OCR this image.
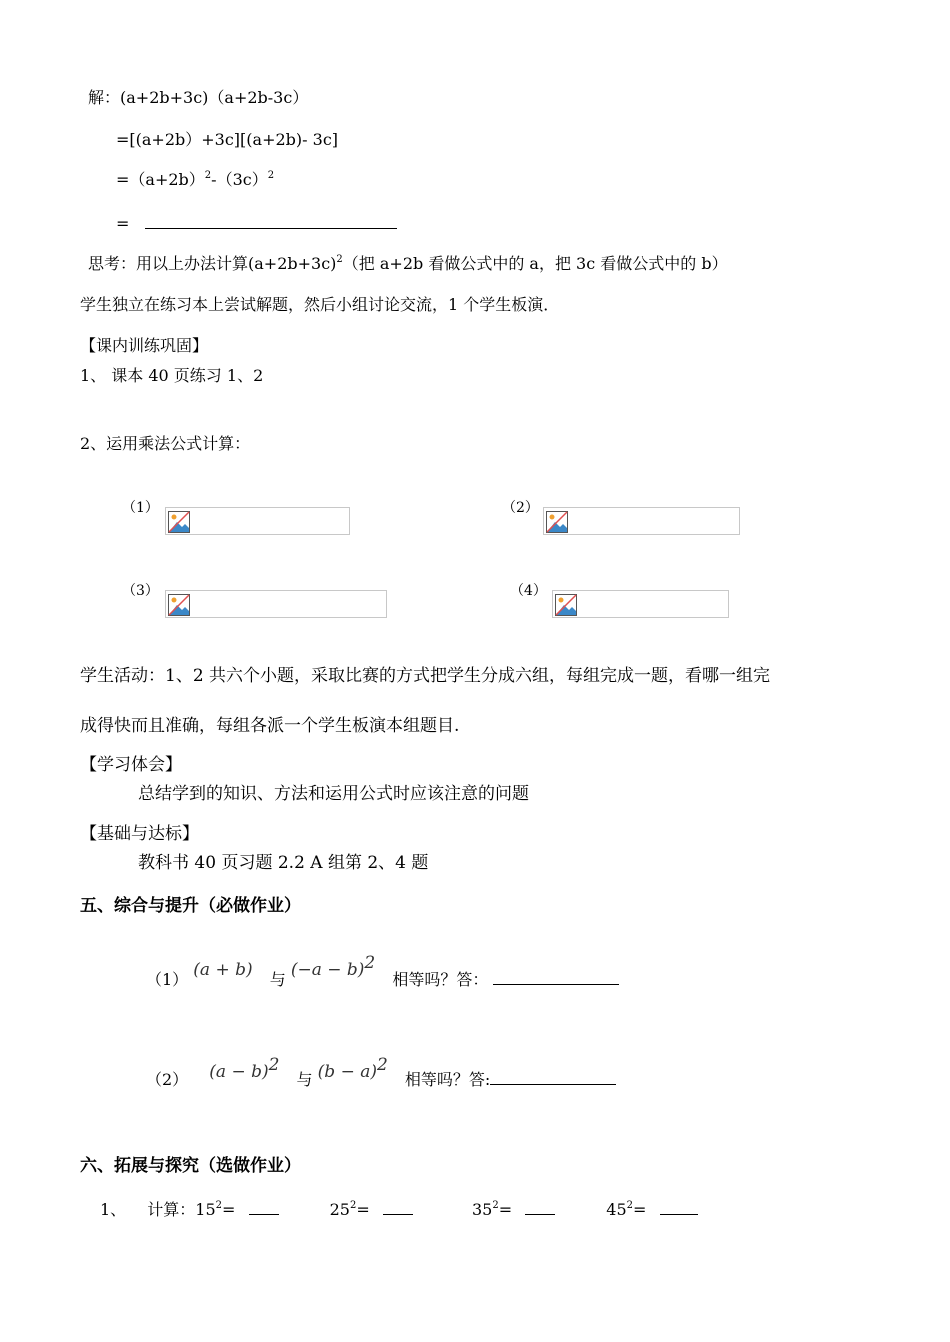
解：(a+2b+3c)（a+2b-3c）
=[(a+2b）+3c][(a+2b)- 3c]
$=(a+2b)^2-(3c)^2$
=
思考：用以上办法计算$(a+2b+3c)^2$（把 a+2b 看做公式中的 a，把 3c 看做公式中的 b）
学生独立在练习本上尝试解题，然后小组讨论交流，1 个学生板演．
【课内训练巩固】
1、 课本 40 页练习 1、2
2、运用乘法公式计算：
（1）	（2）
（3）	（4）
学生活动：1、2 共六个小题，采取比赛的方式把学生分成六组，每组完成一题，看哪一组完
成得快而且准确，每组各派一个学生板演本组题目.
【学习体会】
总结学到的知识、方法和运用公式时应该注意的问题
【基础与达标】
教科书 40 页习题 2.2 A 组第 2、4 题
五、综合与提升（必做作业）
（1） (a + b) 与 $(-a - b)^2$ 相等吗？答：
（2） $(a - b)^2$ 与 $(b - a)^2$ 相等吗？答:
六、拓展与探究（选做作业）
1、 计算：$15^2=$	$25^2=$	$35^2=$	$45^2=$
